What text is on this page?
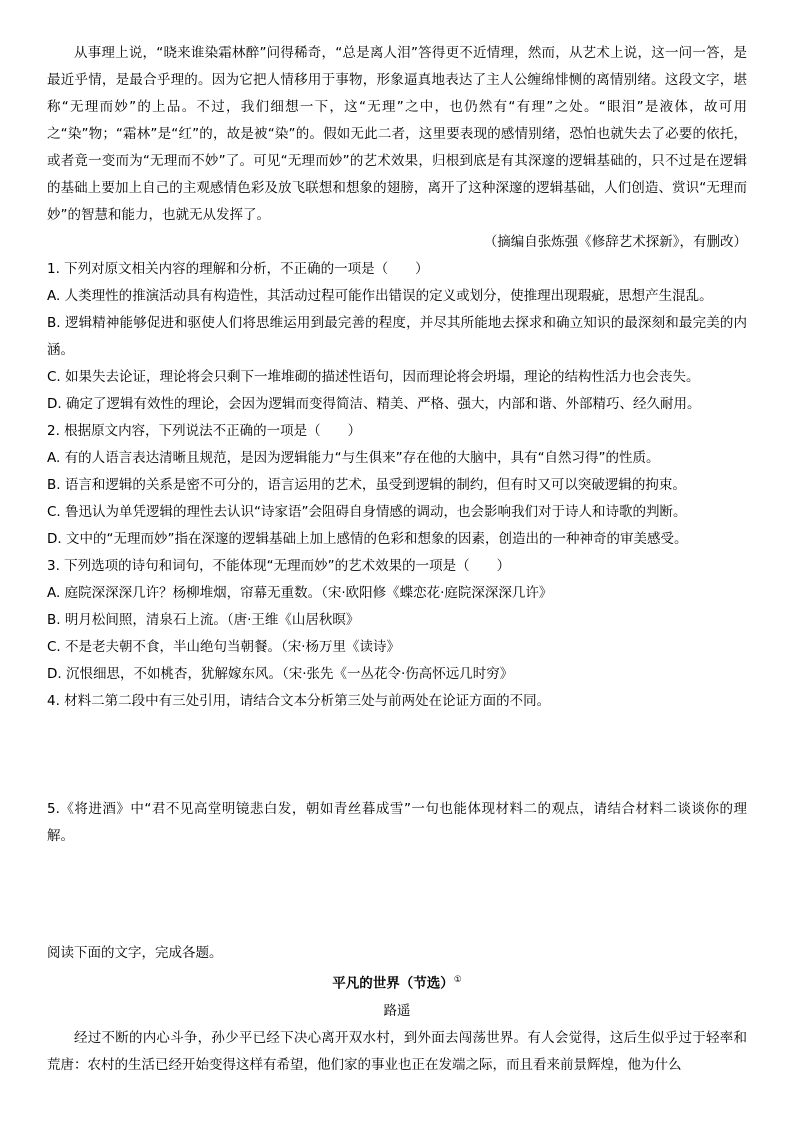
从事理上说，“晓来谁染霜林醉”问得稀奇，“总是离人泪”答得更不近情理，然而，从艺术上说，这一问一答，是最近乎情，是最合乎理的。因为它把人情移用于事物，形象逼真地表达了主人公缠绵悱恻的离情别绪。这段文字，堪称“无理而妙”的上品。不过，我们细想一下，这“无理”之中，也仍然有“有理”之处。“眼泪”是液体，故可用之“染”物；“霜林”是“红”的，故是被“染”的。假如无此二者，这里要表现的感情别绪，恐怕也就失去了必要的依托，或者竟一变而为“无理而不妙”了。可见“无理而妙”的艺术效果，归根到底是有其深邃的逻辑基础的，只不过是在逻辑的基础上要加上自己的主观感情色彩及放飞联想和想象的翅膀，离开了这种深邃的逻辑基础，人们创造、赏识“无理而妙”的智慧和能力，也就无从发挥了。

（摘编自张炼强《修辞艺术探新》，有删改）

1. 下列对原文相关内容的理解和分析，不正确的一项是（　　）

A. 人类理性的推演活动具有构造性，其活动过程可能作出错误的定义或划分，使推理出现瑕疵，思想产生混乱。

B. 逻辑精神能够促进和驱使人们将思维运用到最完善的程度，并尽其所能地去探求和确立知识的最深刻和最完美的内涵。

C. 如果失去论证，理论将会只剩下一堆堆砌的描述性语句，因而理论将会坍塌，理论的结构性活力也会丧失。

D. 确定了逻辑有效性的理论，会因为逻辑而变得简洁、精美、严格、强大，内部和谐、外部精巧、经久耐用。

2. 根据原文内容，下列说法不正确的一项是（　　）

A. 有的人语言表达清晰且规范，是因为逻辑能力“与生俱来”存在他的大脑中，具有“自然习得”的性质。

B. 语言和逻辑的关系是密不可分的，语言运用的艺术，虽受到逻辑的制约，但有时又可以突破逻辑的拘束。

C. 鲁迅认为单凭逻辑的理性去认识“诗家语”会阻碍自身情感的调动，也会影响我们对于诗人和诗歌的判断。

D. 文中的“无理而妙”指在深邃的逻辑基础上加上感情的色彩和想象的因素，创造出的一种神奇的审美感受。

3. 下列选项的诗句和词句，不能体现“无理而妙”的艺术效果的一项是（　　）

A. 庭院深深深几许？杨柳堆烟，帘幕无重数。（宋·欧阳修《蝶恋花·庭院深深深几许》

B. 明月松间照，清泉石上流。（唐·王维《山居秋暝》

C. 不是老夫朝不食，半山绝句当朝餐。（宋·杨万里《读诗》

D. 沉恨细思，不如桃杏，犹解嫁东风。（宋·张先《一丛花令·伤高怀远几时穷》

4. 材料二第二段中有三处引用，请结合文本分析第三处与前两处在论证方面的不同。

5.《将进酒》中“君不见高堂明镜悲白发，朝如青丝暮成雪”一句也能体现材料二的观点，请结合材料二谈谈你的理解。

阅读下面的文字，完成各题。

平凡的世界（节选）①

路遥

经过不断的内心斗争，孙少平已经下决心离开双水村，到外面去闯荡世界。有人会觉得，这后生似乎过于轻率和荒唐：农村的生活已经开始变得这样有希望，他们家的事业也正在发端之际，而且看来前景辉煌，他为什么
